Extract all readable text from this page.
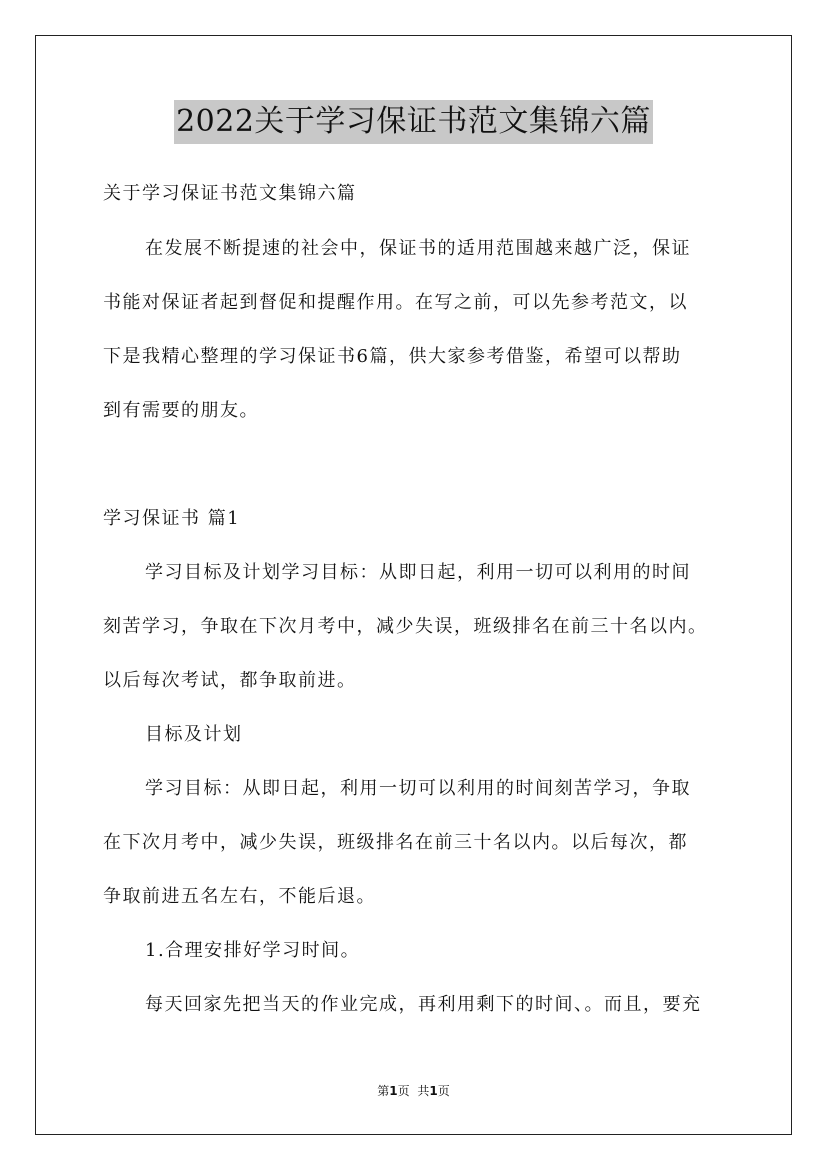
2022关于学习保证书范文集锦六篇
关于学习保证书范文集锦六篇
在发展不断提速的社会中，保证书的适用范围越来越广泛，保证
书能对保证者起到督促和提醒作用。在写之前，可以先参考范文，以
下是我精心整理的学习保证书6篇，供大家参考借鉴，希望可以帮助
到有需要的朋友。
学习保证书 篇1
学习目标及计划学习目标：从即日起，利用一切可以利用的时间
刻苦学习，争取在下次月考中，减少失误，班级排名在前三十名以内。
以后每次考试，都争取前进。
目标及计划
学习目标：从即日起，利用一切可以利用的时间刻苦学习，争取
在下次月考中，减少失误，班级排名在前三十名以内。以后每次，都
争取前进五名左右，不能后退。
1.合理安排好学习时间。
每天回家先把当天的作业完成，再利用剩下的时间、。而且，要充
第1页 共1页
